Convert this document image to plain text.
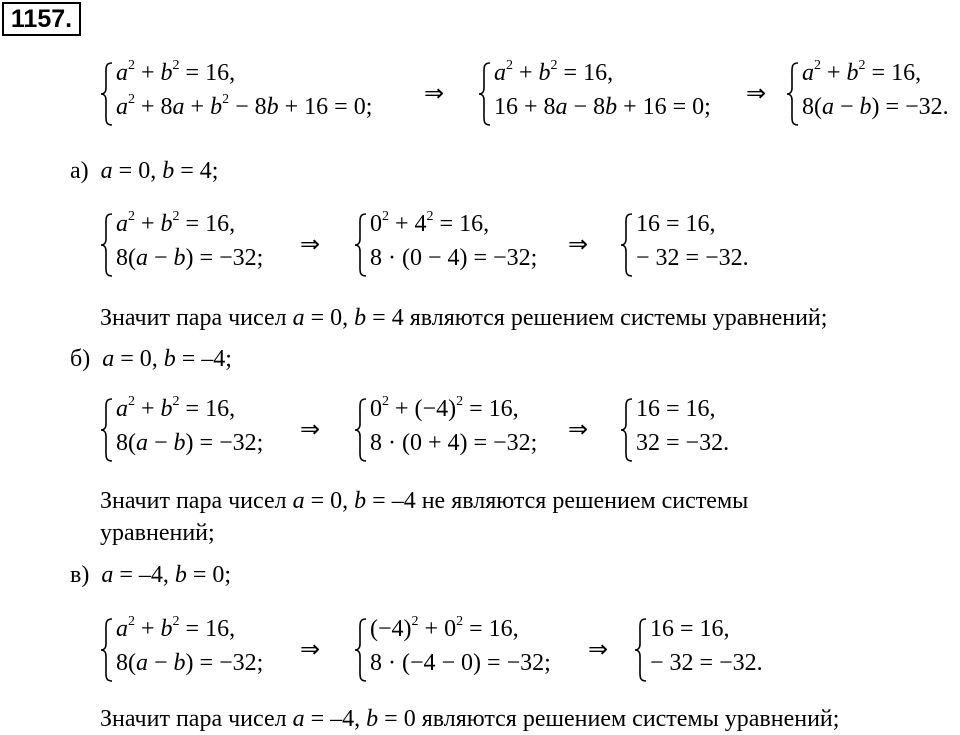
1157.
$a^2 + b^2 = 16$,
$a^2 + 8a + b^2 - 8b + 16 = 0$; ⇒
$a^2 + b^2 = 16$,
16 + 8a − 8b + 16 = 0; ⇒
$a^2 + b^2 = 16$,
8(a − b) = −32.
а) a = 0, b = 4;
$a^2 + b^2 = 16$,
8(a − b) = −32; ⇒
$0^2 + 4^2 = 16$,
8 · (0 − 4) = −32; ⇒
16 = 16,
− 32 = −32.
Значит пара чисел a = 0, b = 4 являются решением системы уравнений;
б) a = 0, b = –4;
$a^2 + b^2 = 16$,
8(a − b) = −32; ⇒
$0^2 + (-4)^2 = 16$,
8 · (0 + 4) = −32; ⇒
16 = 16,
32 = −32.
Значит пара чисел a = 0, b = –4 не являются решением системы
уравнений;
в) a = –4, b = 0;
$a^2 + b^2 = 16$,
8(a − b) = −32; ⇒
$(-4)^2 + 0^2 = 16$,
8 · (−4 − 0) = −32; ⇒
16 = 16,
− 32 = −32.
Значит пара чисел a = –4, b = 0 являются решением системы уравнений;
